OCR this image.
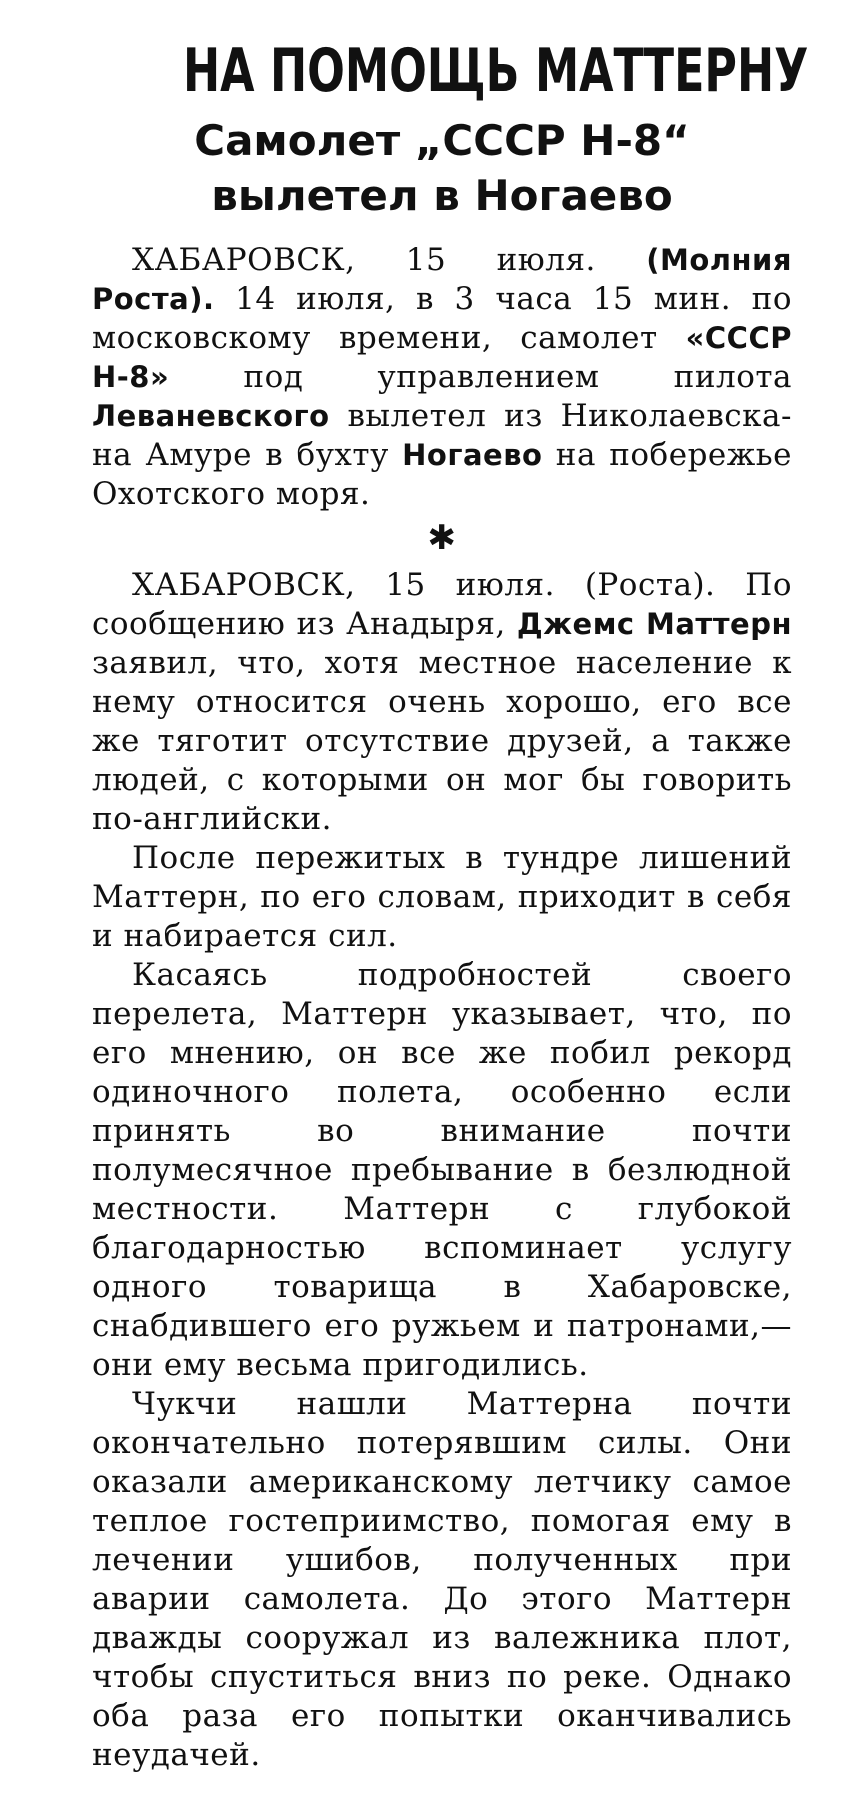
НА ПОМОЩЬ МАТТЕРНУ
Самолет „СССР Н-8“
вылетел в Ногаево

ХАБАРОВСК, 15 июля. (Молния Роста). 14 июля, в 3 часа 15 мин. по московскому времени, самолет «СССР Н-8» под управлением пилота Леваневского вылетел из Николаевска-на Амуре в бухту Ногаево на побережье Охотского моря.

✱

ХАБАРОВСК, 15 июля. (Роста). По сообщению из Анадыря, Джемс Маттерн заявил, что, хотя местное население к нему относится очень хорошо, его все же тяготит отсутствие друзей, а также людей, с которыми он мог бы говорить по-английски.

После пережитых в тундре лишений Маттерн, по его словам, приходит в себя и набирается сил.

Касаясь подробностей своего перелета, Маттерн указывает, что, по его мнению, он все же побил рекорд одиночного полета, особенно если принять во внимание почти полумесячное пребывание в безлюдной местности. Маттерн с глубокой благодарностью вспоминает услугу одного товарища в Хабаровске, снабдившего его ружьем и патронами,—они ему весьма пригодились.

Чукчи нашли Маттерна почти окончательно потерявшим силы. Они оказали американскому летчику самое теплое гостеприимство, помогая ему в лечении ушибов, полученных при аварии самолета. До этого Маттерн дважды сооружал из валежника плот, чтобы спуститься вниз по реке. Однако оба раза его попытки оканчивались неудачей.
